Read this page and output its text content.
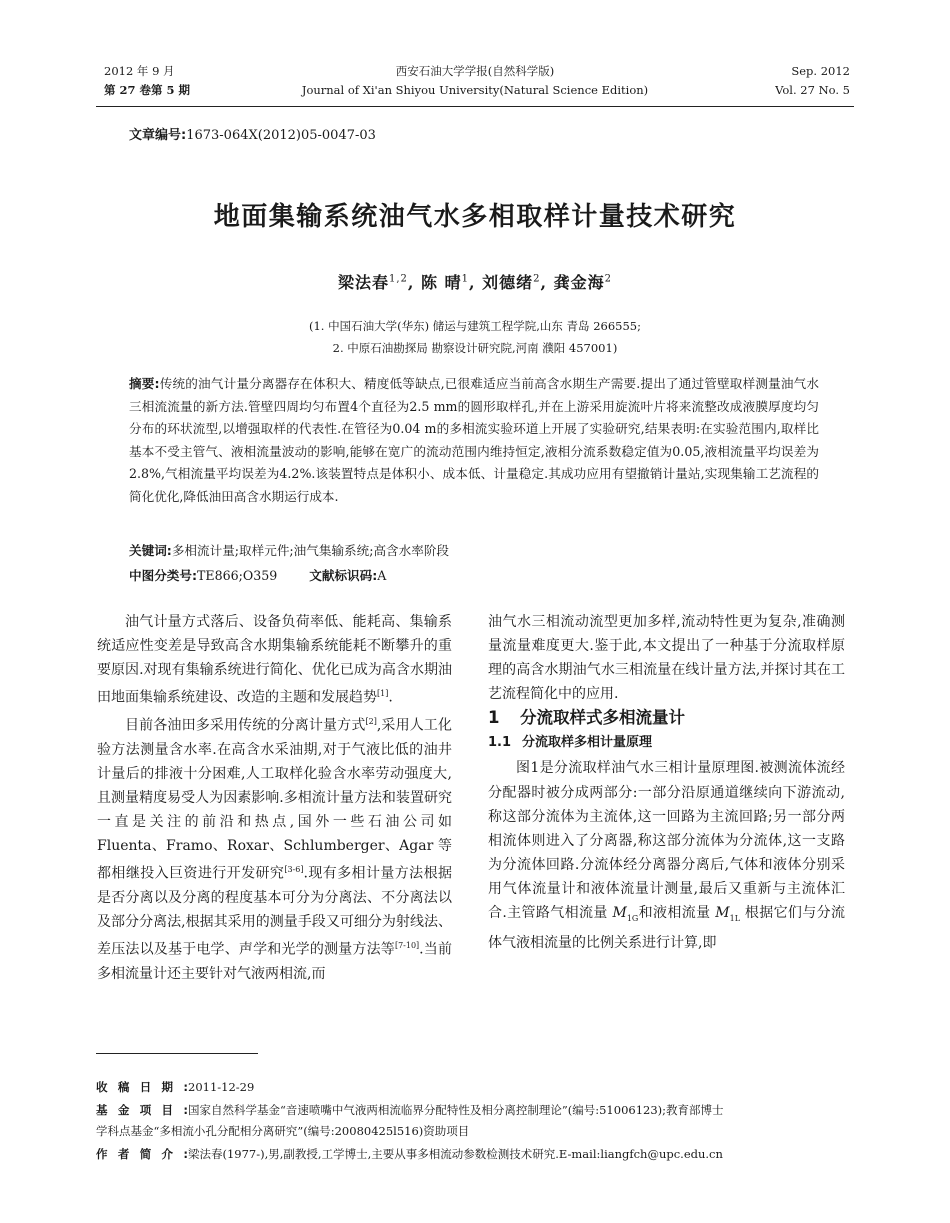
2012 年 9 月
第 27 卷第 5 期
西安石油大学学报(自然科学版)
Journal of Xi'an Shiyou University(Natural Science Edition)
Sep. 2012
Vol. 27 No. 5
文章编号:1673-064X(2012)05-0047-03
地面集输系统油气水多相取样计量技术研究
梁法春$^{1,2}$, 陈 晴$^1$, 刘德绪$^2$, 龚金海$^2$
(1. 中国石油大学(华东) 储运与建筑工程学院,山东 青岛 266555;
2. 中原石油勘探局 勘察设计研究院,河南 濮阳 457001)
摘要:传统的油气计量分离器存在体积大、精度低等缺点,已很难适应当前高含水期生产需要.提出了通过管壁取样测量油气水三相流流量的新方法.管壁四周均匀布置4个直径为2.5 mm的圆形取样孔,并在上游采用旋流叶片将来流整改成液膜厚度均匀分布的环状流型,以增强取样的代表性.在管径为0.04 m的多相流实验环道上开展了实验研究,结果表明:在实验范围内,取样比基本不受主管气、液相流量波动的影响,能够在宽广的流动范围内维持恒定,液相分流系数稳定值为0.05,液相流量平均误差为2.8%,气相流量平均误差为4.2%.该装置特点是体积小、成本低、计量稳定.其成功应用有望撤销计量站,实现集输工艺流程的简化优化,降低油田高含水期运行成本.
关键词:多相流计量;取样元件;油气集输系统;高含水率阶段
中图分类号:TE866;O359	文献标识码:A

油气计量方式落后、设备负荷率低、能耗高、集输系统适应性变差是导致高含水期集输系统能耗不断攀升的重要原因.对现有集输系统进行简化、优化已成为高含水期油田地面集输系统建设、改造的主题和发展趋势[1].

目前各油田多采用传统的分离计量方式[2],采用人工化验方法测量含水率.在高含水采油期,对于气液比低的油井计量后的排液十分困难,人工取样化验含水率劳动强度大,且测量精度易受人为因素影响.多相流计量方法和装置研究一直是关注的前沿和热点,国外一些石油公司如 Fluenta、Framo、Roxar、Schlumberger、Agar 等都相继投入巨资进行开发研究[3-6].现有多相计量方法根据是否分离以及分离的程度基本可分为分离法、不分离法以及部分分离法,根据其采用的测量手段又可细分为射线法、差压法以及基于电学、声学和光学的测量方法等[7-10].当前多相流量计还主要针对气液两相流,而

油气水三相流动流型更加多样,流动特性更为复杂,准确测量流量难度更大.鉴于此,本文提出了一种基于分流取样原理的高含水期油气水三相流量在线计量方法,并探讨其在工艺流程简化中的应用.

1 分流取样式多相流量计

1.1 分流取样多相计量原理

图1是分流取样油气水三相计量原理图.被测流体流经分配器时被分成两部分:一部分沿原通道继续向下游流动,称这部分流体为主流体,这一回路为主流回路;另一部分两相流体则进入了分离器,称这部分流体为分流体,这一支路为分流体回路.分流体经分离器分离后,气体和液体分别采用气体流量计和液体流量计测量,最后又重新与主流体汇合.主管路气相流量 $M_{1G}$和液相流量 $M_{1L}$ 根据它们与分流体气液相流量的比例关系进行计算,即

收稿日期:2011-12-29
基金项目:国家自然科学基金“音速喷嘴中气液两相流临界分配特性及相分离控制理论”(编号:51006123);教育部博士
学科点基金“多相流小孔分配相分离研究”(编号:20080425l516)资助项目
作者简介:梁法春(1977-),男,副教授,工学博士,主要从事多相流动参数检测技术研究.E-mail:liangfch@upc.edu.cn
